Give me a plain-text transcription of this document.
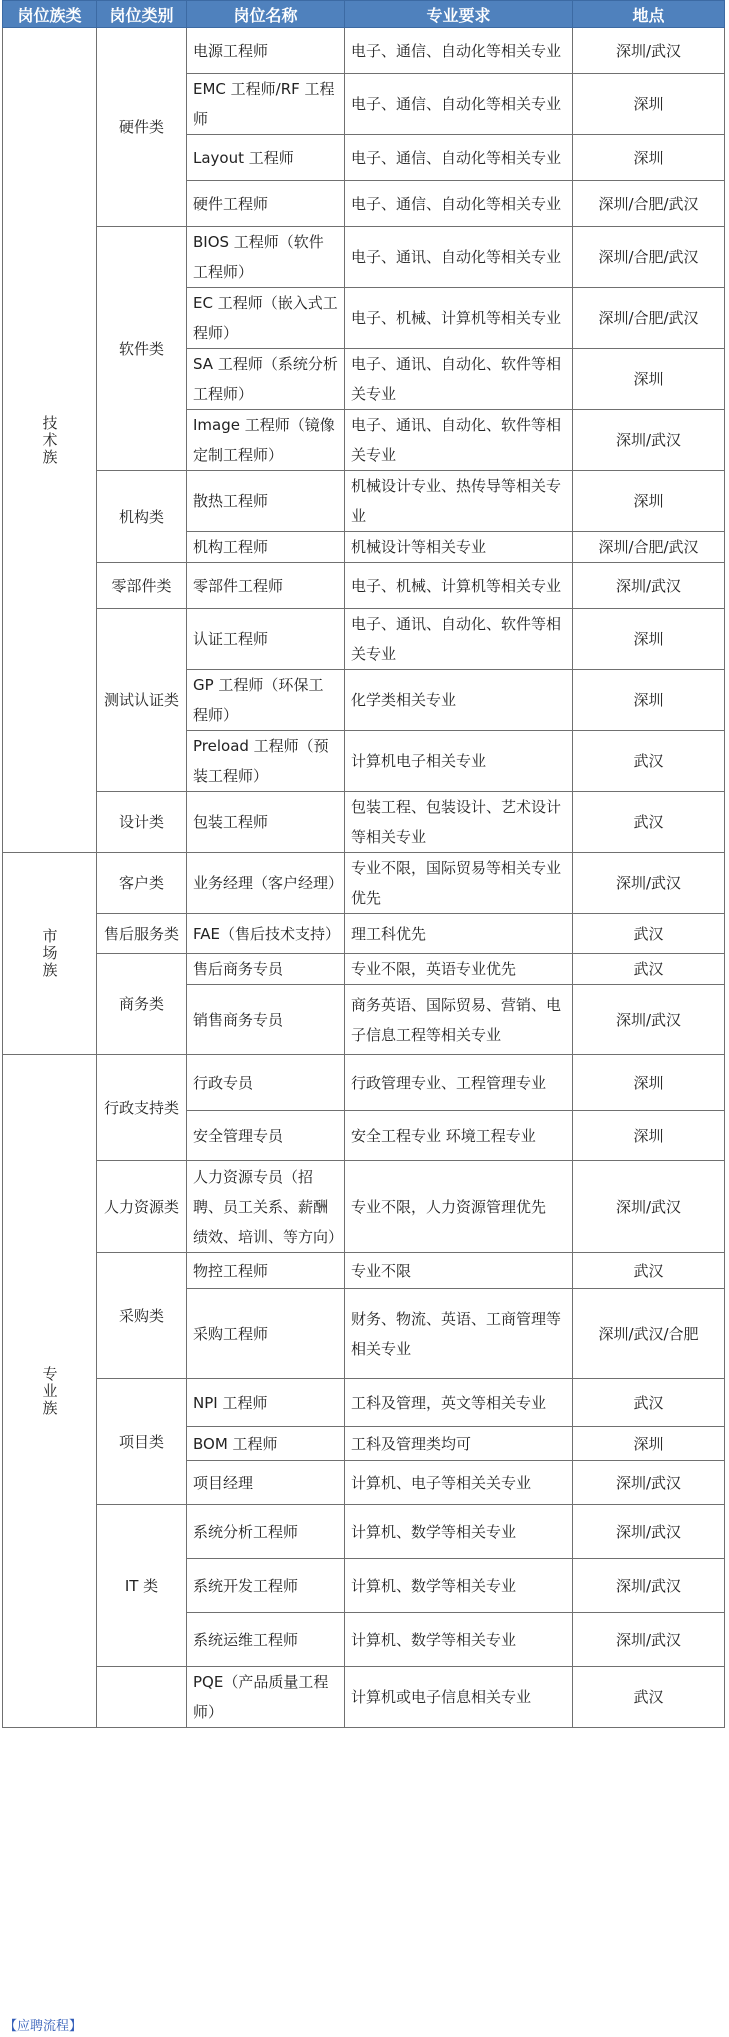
岗位族类	岗位类别	岗位名称	专业要求	地点
技术族	硬件类	电源工程师	电子、通信、自动化等相关专业	深圳/武汉
		EMC 工程师/RF 工程师	电子、通信、自动化等相关专业	深圳
		Layout 工程师	电子、通信、自动化等相关专业	深圳
		硬件工程师	电子、通信、自动化等相关专业	深圳/合肥/武汉
	软件类	BIOS 工程师（软件工程师）	电子、通讯、自动化等相关专业	深圳/合肥/武汉
		EC 工程师（嵌入式工程师）	电子、机械、计算机等相关专业	深圳/合肥/武汉
		SA 工程师（系统分析工程师）	电子、通讯、自动化、软件等相关专业	深圳
		Image 工程师（镜像定制工程师）	电子、通讯、自动化、软件等相关专业	深圳/武汉
	机构类	散热工程师	机械设计专业、热传导等相关专业	深圳
		机构工程师	机械设计等相关专业	深圳/合肥/武汉
	零部件类	零部件工程师	电子、机械、计算机等相关专业	深圳/武汉
	测试认证类	认证工程师	电子、通讯、自动化、软件等相关专业	深圳
		GP 工程师（环保工程师）	化学类相关专业	深圳
		Preload 工程师（预装工程师）	计算机电子相关专业	武汉
	设计类	包装工程师	包装工程、包装设计、艺术设计等相关专业	武汉
市场族	客户类	业务经理（客户经理）	专业不限，国际贸易等相关专业优先	深圳/武汉
	售后服务类	FAE（售后技术支持）	理工科优先	武汉
	商务类	售后商务专员	专业不限，英语专业优先	武汉
		销售商务专员	商务英语、国际贸易、营销、电子信息工程等相关专业	深圳/武汉
专业族	行政支持类	行政专员	行政管理专业、工程管理专业	深圳
		安全管理专员	安全工程专业 环境工程专业	深圳
	人力资源类	人力资源专员（招聘、员工关系、薪酬绩效、培训、等方向）	专业不限，人力资源管理优先	深圳/武汉
	采购类	物控工程师	专业不限	武汉
		采购工程师	财务、物流、英语、工商管理等相关专业	深圳/武汉/合肥
	项目类	NPI 工程师	工科及管理，英文等相关专业	武汉
		BOM 工程师	工科及管理类均可	深圳
		项目经理	计算机、电子等相关关专业	深圳/武汉
	IT 类	系统分析工程师	计算机、数学等相关专业	深圳/武汉
		系统开发工程师	计算机、数学等相关专业	深圳/武汉
		系统运维工程师	计算机、数学等相关专业	深圳/武汉
		PQE（产品质量工程师）	计算机或电子信息相关专业	武汉
【应聘流程】
